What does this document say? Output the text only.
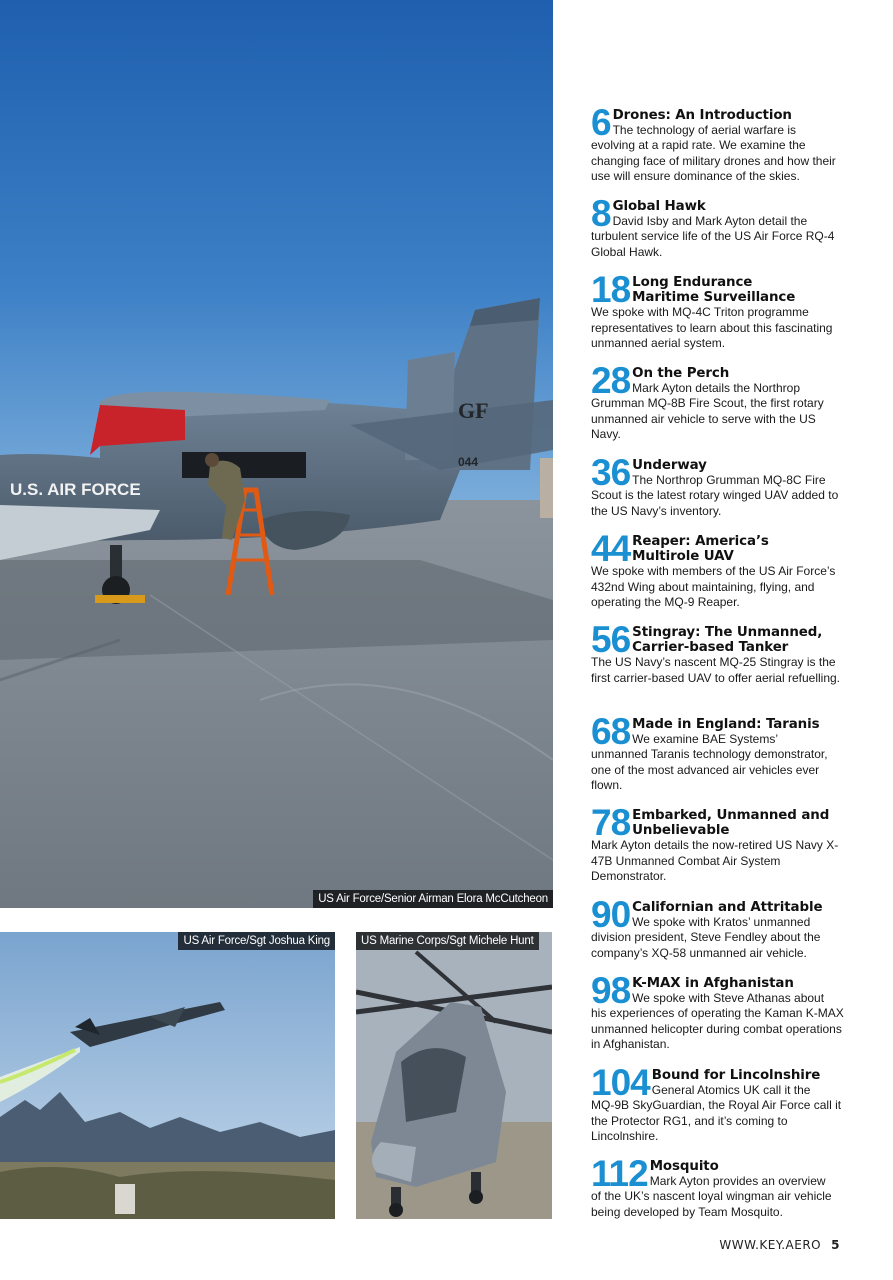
U.S. AIR FORCE
GF
044
US Air Force/Senior Airman Elora McCutcheon
US Air Force/Sgt Joshua King	US Marine Corps/Sgt Michele Hunt
6 Drones: An Introduction
The technology of aerial warfare is
evolving at a rapid rate. We examine the changing face of military drones and how their use will ensure dominance of the skies.
8 Global Hawk
David Isby and Mark Ayton detail the
turbulent service life of the US Air Force RQ-4 Global Hawk.
18 Long Endurance
Maritime Surveillance
We spoke with MQ-4C Triton programme representatives to learn about this fascinating unmanned aerial system.
28 On the Perch
Mark Ayton details the Northrop
Grumman MQ-8B Fire Scout, the first rotary unmanned air vehicle to serve with the US Navy.
36 Underway
The Northrop Grumman MQ-8C Fire
Scout is the latest rotary winged UAV added to the US Navy’s inventory.
44 Reaper: America’s
Multirole UAV
We spoke with members of the US Air Force’s 432nd Wing about maintaining, flying, and operating the MQ-9 Reaper.
56 Stingray: The Unmanned,
Carrier-based Tanker
The US Navy’s nascent MQ-25 Stingray is the first carrier-based UAV to offer aerial refuelling.
68 Made in England: Taranis
We examine BAE Systems’
unmanned Taranis technology demonstrator, one of the most advanced air vehicles ever flown.
78 Embarked, Unmanned and
Unbelievable
Mark Ayton details the now-retired US Navy X-47B Unmanned Combat Air System Demonstrator.
90 Californian and Attritable
We spoke with Kratos’ unmanned
division president, Steve Fendley about the company’s XQ-58 unmanned air vehicle.
98 K-MAX in Afghanistan
We spoke with Steve Athanas about
his experiences of operating the Kaman K-MAX unmanned helicopter during combat operations in Afghanistan.
104 Bound for Lincolnshire
General Atomics UK call it the
MQ-9B SkyGuardian, the Royal Air Force call it the Protector RG1, and it’s coming to Lincolnshire.
112 Mosquito
Mark Ayton provides an overview
of the UK’s nascent loyal wingman air vehicle being developed by Team Mosquito.
WWW.KEY.AERO 5
